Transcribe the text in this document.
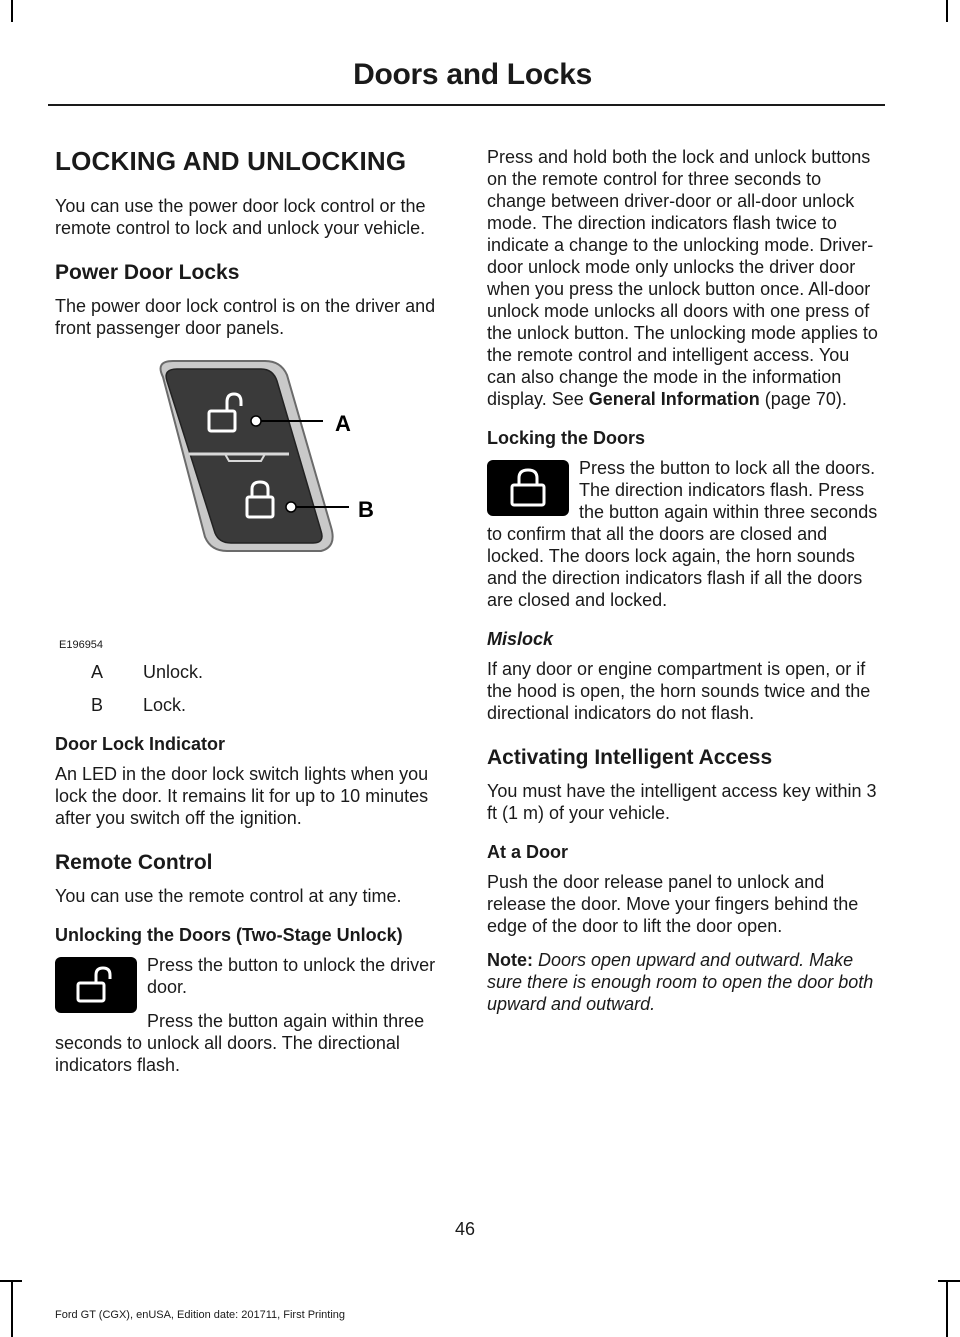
Doors and Locks
LOCKING AND UNLOCKING

You can use the power door lock control or the remote control to lock and unlock your vehicle.

Power Door Locks

The power door lock control is on the driver and front passenger door panels.

A
B
E196954
A	Unlock.
B	Lock.
Door Lock Indicator

An LED in the door lock switch lights when you lock the door. It remains lit for up to 10 minutes after you switch off the ignition.

Remote Control

You can use the remote control at any time.

Unlocking the Doors (Two-Stage Unlock)

Press the button to unlock the driver door.

Press the button again within three seconds to unlock all doors. The directional indicators flash.

Press and hold both the lock and unlock buttons on the remote control for three seconds to change between driver-door or all-door unlock mode. The direction indicators flash twice to indicate a change to the unlocking mode. Driver-door unlock mode only unlocks the driver door when you press the unlock button once. All-door unlock mode unlocks all doors with one press of the unlock button. The unlocking mode applies to the remote control and intelligent access. You can also change the mode in the information display. See General Information (page 70).

Locking the Doors

Press the button to lock all the doors. The direction indicators flash. Press the button again within three seconds to confirm that all the doors are closed and locked. The doors lock again, the horn sounds and the direction indicators flash if all the doors are closed and locked.

Mislock

If any door or engine compartment is open, or if the hood is open, the horn sounds twice and the directional indicators do not flash.

Activating Intelligent Access

You must have the intelligent access key within 3 ft (1 m) of your vehicle.

At a Door

Push the door release panel to unlock and release the door. Move your fingers behind the edge of the door to lift the door open.

Note: Doors open upward and outward. Make sure there is enough room to open the door both upward and outward.

46
Ford GT (CGX), enUSA, Edition date: 201711, First Printing
